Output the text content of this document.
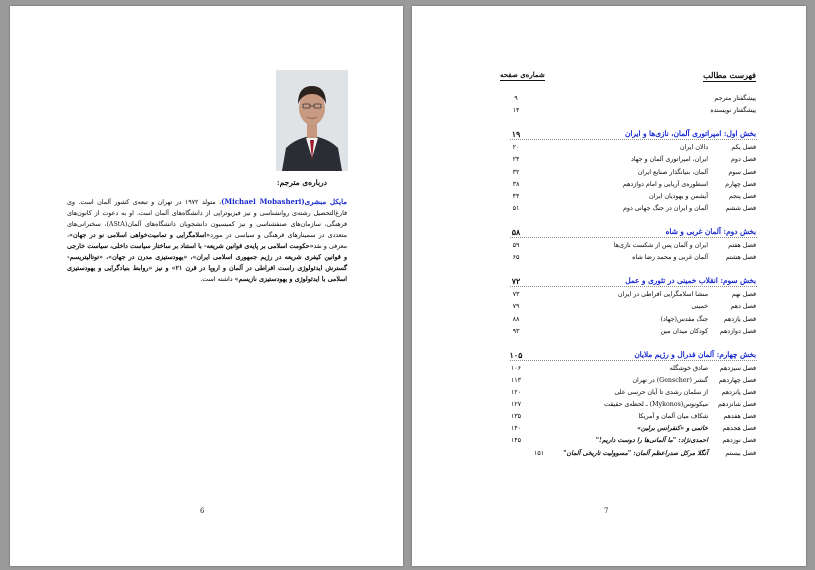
درباره‌ی مترجم:
مایکل مبشری(Michael Mobasheri)، متولد ۱۹۷۲ در تهران و تبعه‌ی کشور آلمان است. وی فارغ‌التحصیل رشته‌ی روانشناسی و نیز فیزیوتراپی از دانشگاه‌های آلمان است. او به دعوت از کانون‌های فرهنگی، سازمان‌های صنفشناسی و نیز کمیسیون دانشجویان دانشگاه‌های آلمان(AStA)، سخنرانی‌های متعددی در سمینارهای فرهنگی و سیاسی در مورد«اسلامگرایی و تمامیت‌خواهی اسلامی نو در جهان»، معرفی و نقد«حکومت اسلامی بر پایه‌ی قوانین شریعه- با استناد بر ساختار سیاست داخلی، سیاست خارجی و قوانین کیفری شریعه در رژیم جمهوری اسلامی ایران»، «یهودستیزی مدرن در جهان»، «توتالیتریسم-گسترش ایدئولوژی راست افراطی در آلمان و اروپا در قرن ۲۱» و نیز «روابط بنیادگرایی و یهودستیزی اسلامی با ایدئولوژی و یهودستیزی نازیسم» داشته است.
6
فهرست مطالب
شماره‌ی صفحه
پیشگفتار مترجم
۹
پیشگفتار نویسنده
۱۴
بخش اول: امپراتوری آلمان، نازی‌ها و ایران
۱۹
فصل یکم
دالان ایران
۲۰
فصل دوم
ایران، امپراتوری آلمان و جهاد
۲۴
فصل سوم
آلمان، بنیانگذار صنایع ایران
۳۲
فصل چهارم
اسطوره‌ی آریایی و امام دوازدهم
۳۸
فصل پنجم
آیشمن و یهودیان ایران
۴۴
فصل ششم
آلمان و ایران در جنگ جهانی دوم
۵۱
بخش دوم: آلمان غربی و شاه
۵۸
فصل هفتم
ایران و آلمان پس از شکست نازی‌ها
۵۹
فصل هشتم
آلمان غربی و محمد رضا شاه
۶۵
بخش سوم: انقلاب خمینی در تئوری و عمل
۷۲
فصل نهم
منشا اسلامگرایی افراطی در ایران
۷۳
فصل دهم
خمینی
۷۹
فصل یازدهم
جنگ مقدس(جهاد)
۸۸
فصل دوازدهم
کودکان میدان مین
۹۳
بخش چهارم: آلمان فدرال و رژیم ملایان
۱۰۵
فصل سیزدهم
صادق خوشگله
۱۰۶
فصل چهاردهم
گنشر (Genscher) در تهران
۱۱۳
فصل پانزدهم
از سلمان رشدی تا آیان حرسی علی
۱۲۰
فصل شانزدهم
میکونوس(Mykonos) ـ لحظه‌ی حقیقت
۱۲۷
فصل هفدهم
شکاف میان آلمان و آمریکا
۱۳۵
فصل هجدهم
خاتمی و «کنفرانس برلین»
۱۴۰
فصل نوزدهم
احمدی‌نژاد: "ما آلمانی‌ها را دوست داریم!"
۱۴۵
فصل بیستم
آنگلا مرکل صدراعظم آلمان: "مسوولیت تاریخی آلمان"
۱۵۱
7
